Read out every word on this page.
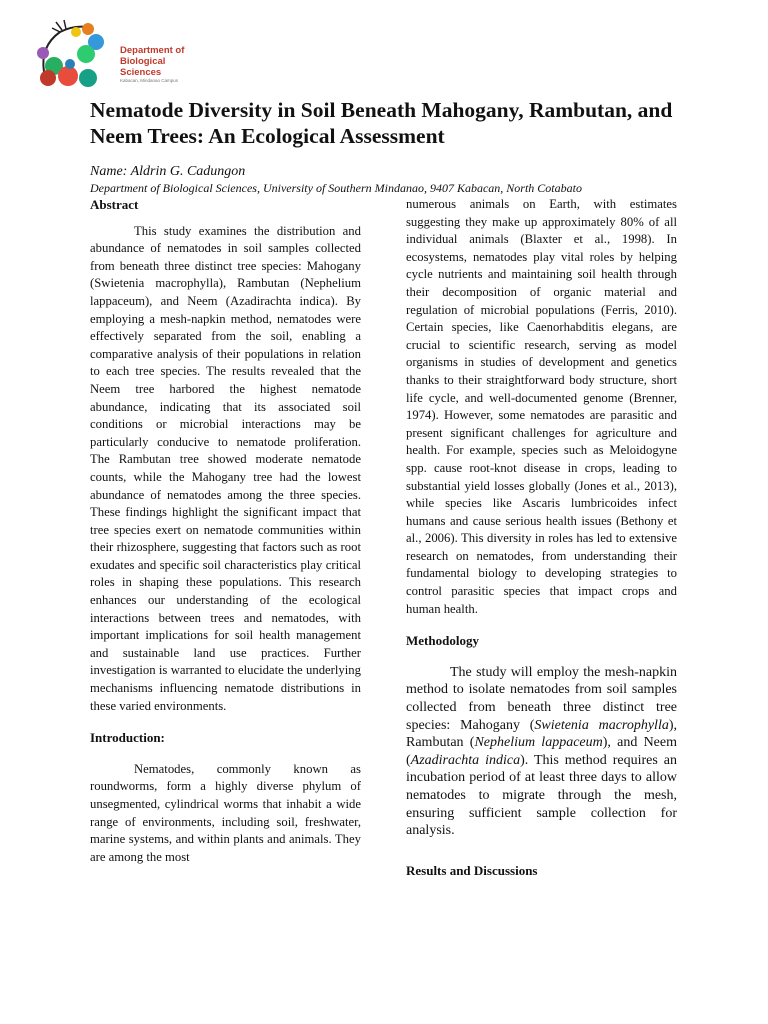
Department of
Biological Sciences
Kabacan, Mindanao Campus
Nematode Diversity in Soil Beneath Mahogany, Rambutan, and Neem Trees: An Ecological Assessment
Name: Aldrin G. Cadungon
Department of Biological Sciences, University of Southern Mindanao, 9407 Kabacan, North Cotabato

Abstract

This study examines the distribution and abundance of nematodes in soil samples collected from beneath three distinct tree species: Mahogany (Swietenia macrophylla), Rambutan (Nephelium lappaceum), and Neem (Azadirachta indica). By employing a mesh-napkin method, nematodes were effectively separated from the soil, enabling a comparative analysis of their populations in relation to each tree species. The results revealed that the Neem tree harbored the highest nematode abundance, indicating that its associated soil conditions or microbial interactions may be particularly conducive to nematode proliferation. The Rambutan tree showed moderate nematode counts, while the Mahogany tree had the lowest abundance of nematodes among the three species. These findings highlight the significant impact that tree species exert on nematode communities within their rhizosphere, suggesting that factors such as root exudates and specific soil characteristics play critical roles in shaping these populations. This research enhances our understanding of the ecological interactions between trees and nematodes, with important implications for soil health management and sustainable land use practices. Further investigation is warranted to elucidate the underlying mechanisms influencing nematode distributions in these varied environments.

Introduction:

Nematodes, commonly known as roundworms, form a highly diverse phylum of unsegmented, cylindrical worms that inhabit a wide range of environments, including soil, freshwater, marine systems, and within plants and animals. They are among the most

numerous animals on Earth, with estimates suggesting they make up approximately 80% of all individual animals (Blaxter et al., 1998). In ecosystems, nematodes play vital roles by helping cycle nutrients and maintaining soil health through their decomposition of organic material and regulation of microbial populations (Ferris, 2010). Certain species, like Caenorhabditis elegans, are crucial to scientific research, serving as model organisms in studies of development and genetics thanks to their straightforward body structure, short life cycle, and well-documented genome (Brenner, 1974). However, some nematodes are parasitic and present significant challenges for agriculture and health. For example, species such as Meloidogyne spp. cause root-knot disease in crops, leading to substantial yield losses globally (Jones et al., 2013), while species like Ascaris lumbricoides infect humans and cause serious health issues (Bethony et al., 2006). This diversity in roles has led to extensive research on nematodes, from understanding their fundamental biology to developing strategies to control parasitic species that impact crops and human health.

Methodology

The study will employ the mesh-napkin method to isolate nematodes from soil samples collected from beneath three distinct tree species: Mahogany (Swietenia macrophylla), Rambutan (Nephelium lappaceum), and Neem (Azadirachta indica). This method requires an incubation period of at least three days to allow nematodes to migrate through the mesh, ensuring sufficient sample collection for analysis.

Results and Discussions
